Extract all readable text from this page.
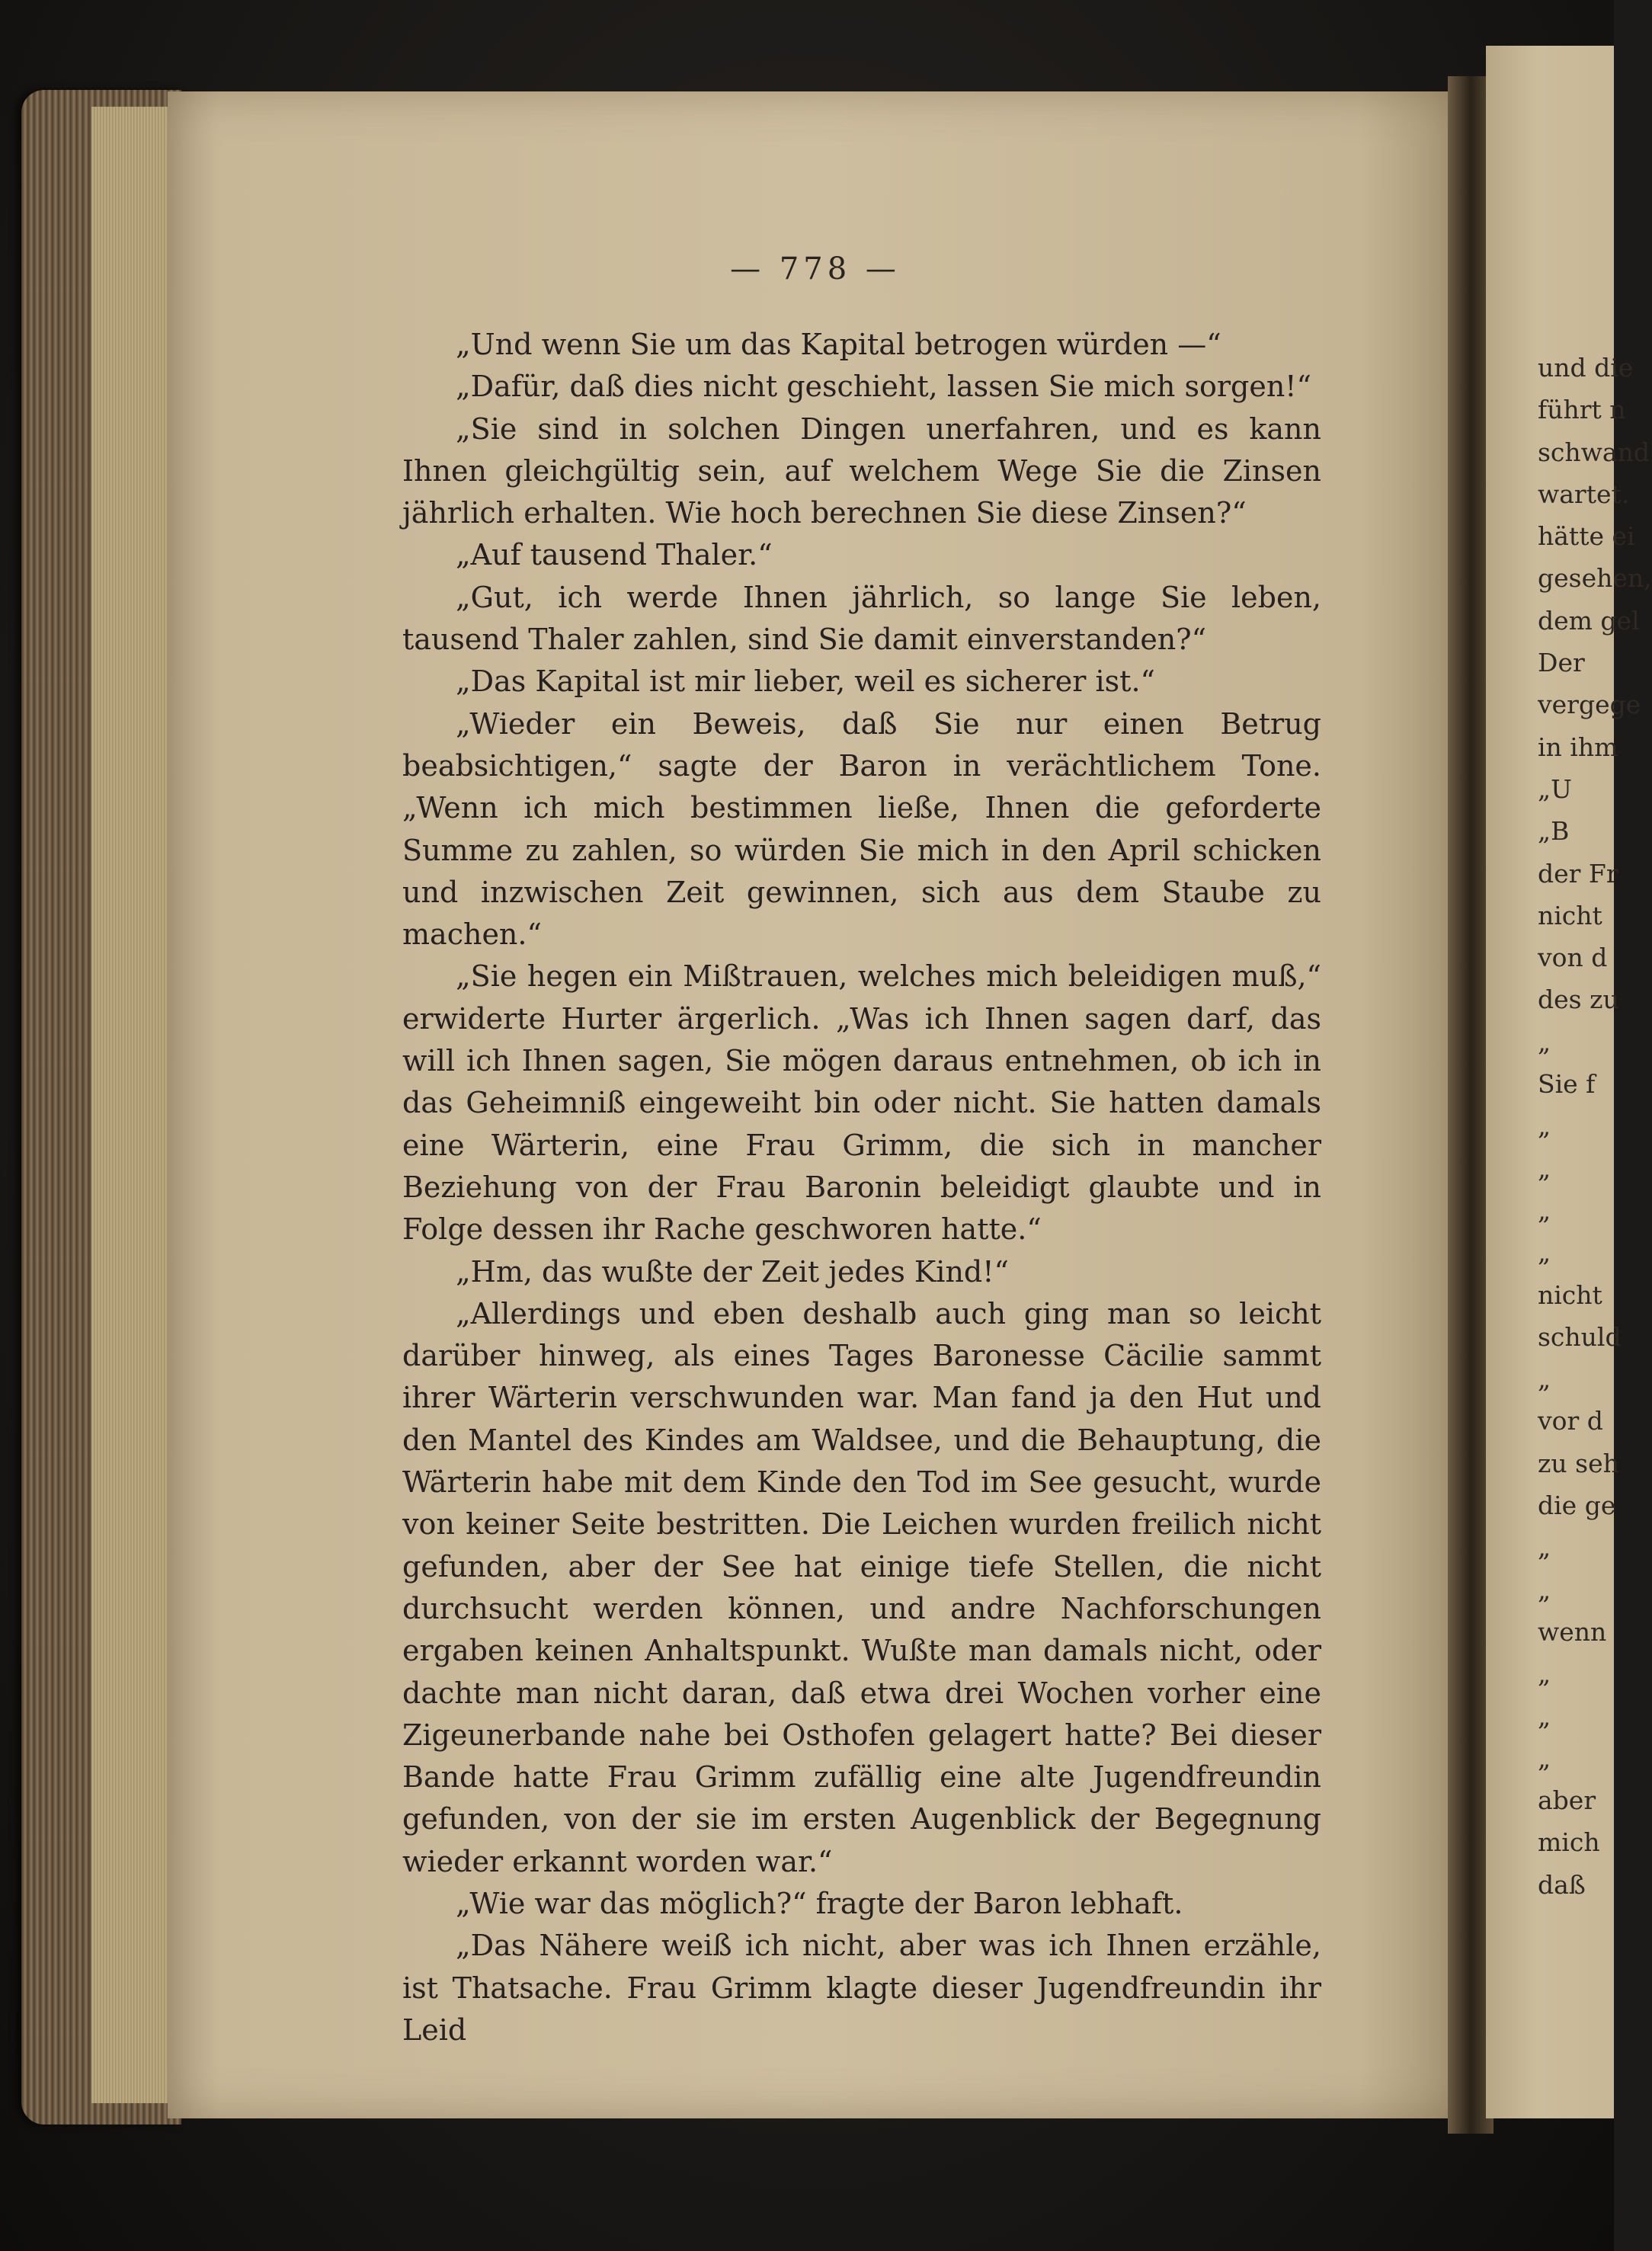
und die
führt n
schwand
wartet.
hätte ei
gesehen,
dem gel
Der
vergege
in ihm
„U
„B
der Fr
nicht
von d
des zu
„
Sie f
„
„
„
„
nicht
schuld
„
vor d
zu seh
die ge
„
„
wenn
„
„
„
aber
mich
daß
— 778 —

„Und wenn Sie um das Kapital betrogen würden —“

„Dafür, daß dies nicht geschieht, lassen Sie mich sorgen!“

„Sie sind in solchen Dingen unerfahren, und es kann Ihnen gleichgültig sein, auf welchem Wege Sie die Zinsen jährlich erhalten. Wie hoch berechnen Sie diese Zinsen?“

„Auf tausend Thaler.“

„Gut, ich werde Ihnen jährlich, so lange Sie leben, tausend Thaler zahlen, sind Sie damit einverstanden?“

„Das Kapital ist mir lieber, weil es sicherer ist.“

„Wieder ein Beweis, daß Sie nur einen Betrug beabsichtigen,“ sagte der Baron in verächtlichem Tone. „Wenn ich mich bestimmen ließe, Ihnen die geforderte Summe zu zahlen, so würden Sie mich in den April schicken und inzwischen Zeit gewinnen, sich aus dem Staube zu machen.“

„Sie hegen ein Mißtrauen, welches mich beleidigen muß,“ erwiderte Hurter ärgerlich. „Was ich Ihnen sagen darf, das will ich Ihnen sagen, Sie mögen daraus entnehmen, ob ich in das Geheimniß eingeweiht bin oder nicht. Sie hatten damals eine Wärterin, eine Frau Grimm, die sich in mancher Beziehung von der Frau Baronin beleidigt glaubte und in Folge dessen ihr Rache geschworen hatte.“

„Hm, das wußte der Zeit jedes Kind!“

„Allerdings und eben deshalb auch ging man so leicht darüber hinweg, als eines Tages Baronesse Cäcilie sammt ihrer Wärterin verschwunden war. Man fand ja den Hut und den Mantel des Kindes am Waldsee, und die Behauptung, die Wärterin habe mit dem Kinde den Tod im See gesucht, wurde von keiner Seite bestritten. Die Leichen wurden freilich nicht gefunden, aber der See hat einige tiefe Stellen, die nicht durchsucht werden können, und andre Nachforschungen ergaben keinen Anhaltspunkt. Wußte man damals nicht, oder dachte man nicht daran, daß etwa drei Wochen vorher eine Zigeunerbande nahe bei Osthofen gelagert hatte? Bei dieser Bande hatte Frau Grimm zufällig eine alte Jugendfreundin gefunden, von der sie im ersten Augenblick der Begegnung wieder erkannt worden war.“

„Wie war das möglich?“ fragte der Baron lebhaft.

„Das Nähere weiß ich nicht, aber was ich Ihnen erzähle, ist Thatsache. Frau Grimm klagte dieser Jugendfreundin ihr Leid
